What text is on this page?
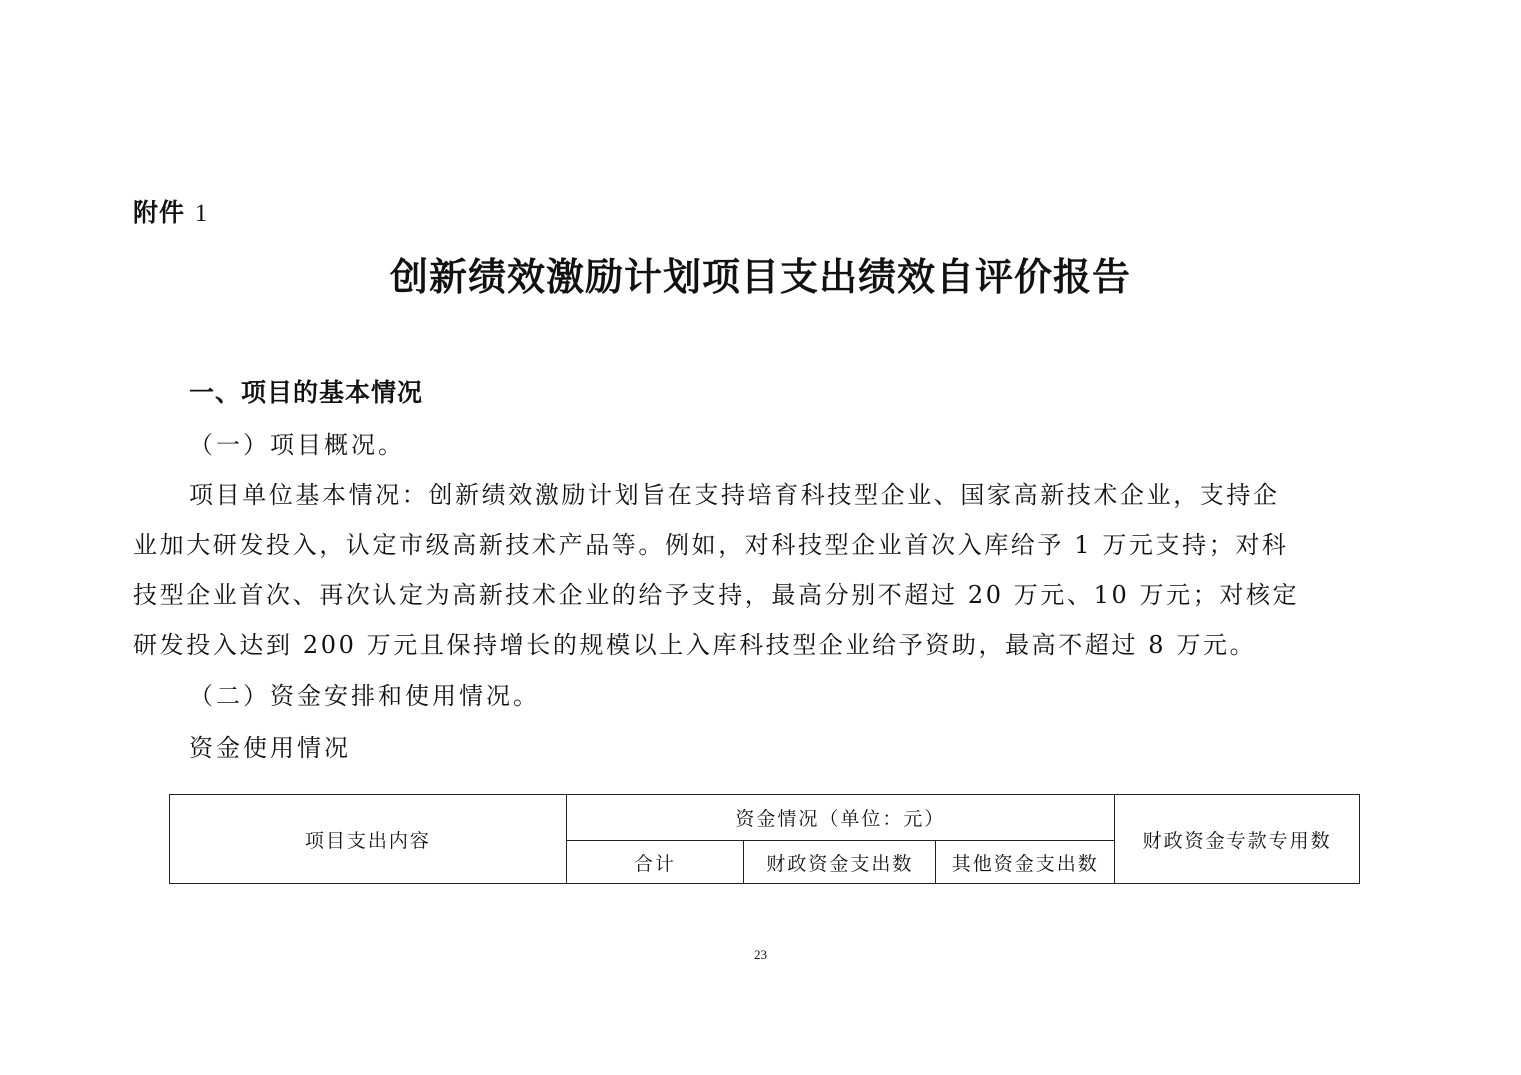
附件 1
创新绩效激励计划项目支出绩效自评价报告
一、项目的基本情况
（一）项目概况。
项目单位基本情况：创新绩效激励计划旨在支持培育科技型企业、国家高新技术企业，支持企
业加大研发投入，认定市级高新技术产品等。例如，对科技型企业首次入库给予 1 万元支持；对科
技型企业首次、再次认定为高新技术企业的给予支持，最高分别不超过 20 万元、10 万元；对核定
研发投入达到 200 万元且保持增长的规模以上入库科技型企业给予资助，最高不超过 8 万元。
（二）资金安排和使用情况。
资金使用情况
项目支出内容	资金情况（单位：元）			财政资金专款专用数
	合计	财政资金支出数	其他资金支出数	
23
